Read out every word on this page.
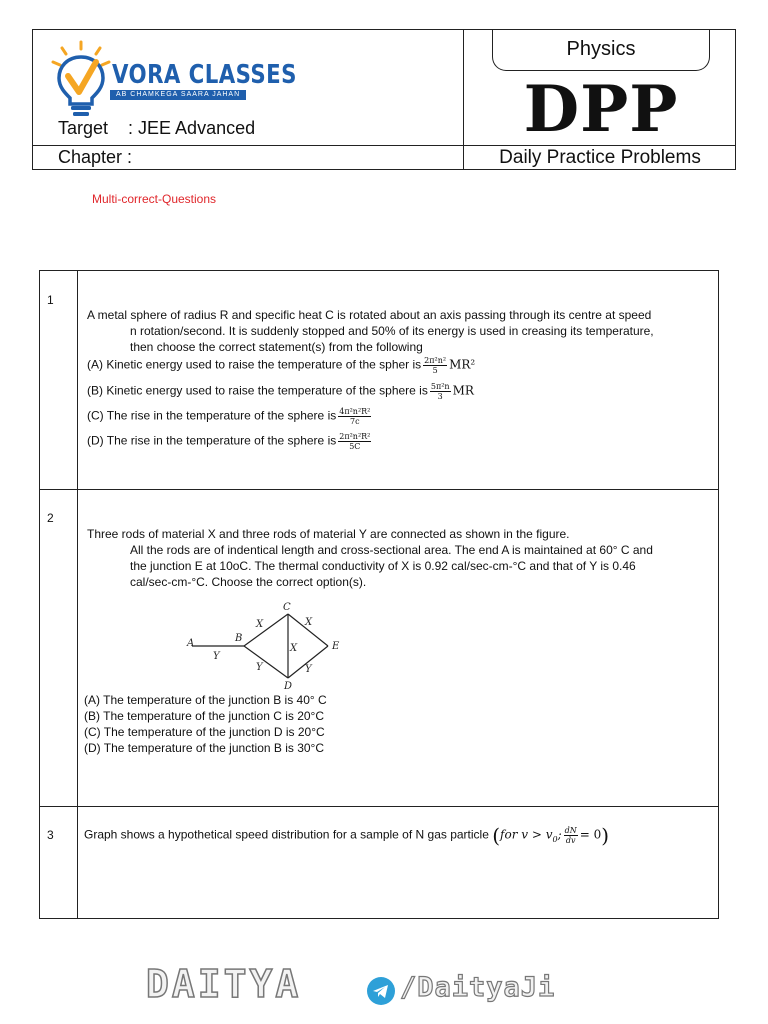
VORA CLASSES
AB CHAMKEGA SAARA JAHAN
Target    : JEE Advanced
Chapter :
Physics
DPP
Daily Practice Problems
Multi-correct-Questions
1
A metal sphere of radius R and specific heat C is rotated about an axis passing through its centre at speed
n rotation/second. It is suddenly stopped and 50% of its energy is used in creasing its temperature,
then choose the correct statement(s) from the following
(A) Kinetic energy used to raise the temperature of the spher is $\frac{\text{2π²n²}}{5} MR^2$
(B) Kinetic energy used to raise the temperature of the sphere is $\frac{\text{5π²n}}{3}$ MR
(C) The rise in the temperature of the sphere is $\frac{\text{4π²n²R²}}{7c}$
(D) The rise in the temperature of the sphere is $\frac{\text{2π²n²R²}}{5C}$
2
Three rods of material X and three rods of material Y are connected as shown in the figure.
All the rods are of indentical length and cross-sectional area. The end A is maintained at 60° C and
the junction E at 10oC. The thermal conductivity of X is 0.92 cal/sec-cm-°C and that of Y is 0.46
cal/sec-cm-°C. Choose the correct option(s).
A	B
C
D
E
Y
X	X
Y	Y
X
(A) The temperature of the junction B is 40° C
(B) The temperature of the junction C is 20°C
(C) The temperature of the junction D is 20°C
(D) The temperature of the junction B is 30°C
3	Graph shows a hypothetical speed distribution for a sample of N gas particle (for $v > v_0$; $\frac{dN}{dv} = 0$)
DAITYA	/DaityaJi
